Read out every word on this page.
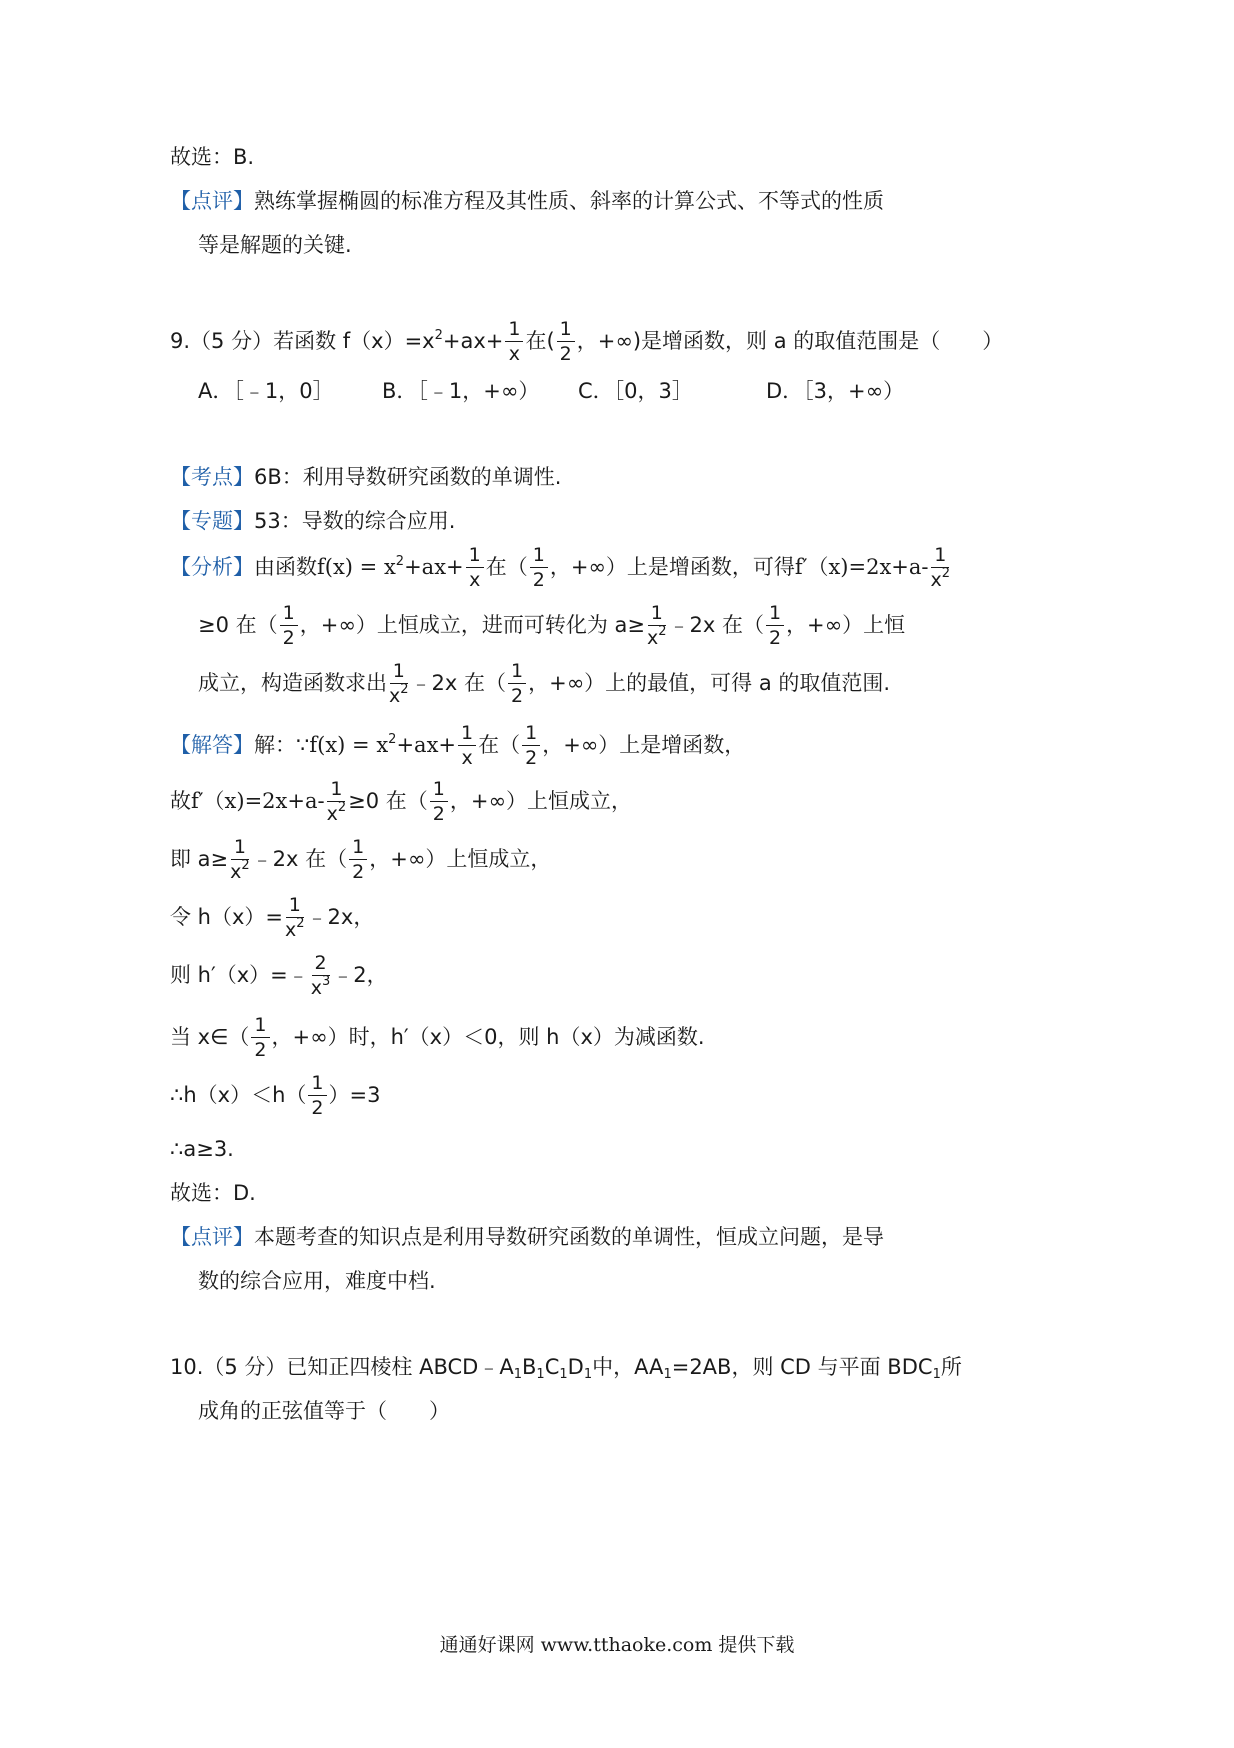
故选：B.
【点评】熟练掌握椭圆的标准方程及其性质、斜率的计算公式、不等式的性质
等是解题的关键.
9.（5 分）若函数 $f(x)=x^2+ax+ \frac{1}{x}$ 在( $\frac{1}{2}$ ，+∞)是增函数，则 a 的取值范围是（　　）
A．［﹣1，0］ B．［﹣1，+∞） C．［0，3］	D．［3，+∞）
【考点】6B：利用导数研究函数的单调性.
【专题】53：导数的综合应用.
【分析】由函数$f(x) = x^2+ax+ \frac{1}{x}$ 在（ $\frac{1}{2}$ ，+∞）上是增函数，可得$f'(x)=2x+a- \frac{1}{x^2}$
≥0 在（ $\frac{1}{2}$ ，+∞）上恒成立，进而可转化为 $a\ge \frac{1}{x^2}$ ﹣2x 在（ $\frac{1}{2}$ ，+∞）上恒
成立，构造函数求出 $\frac{1}{x^2}$ ﹣2x 在（ $\frac{1}{2}$ ，+∞）上的最值，可得 a 的取值范围.
【解答】解：∵f(x) = $x^2+ax+ \frac{1}{x}$ 在（ $\frac{1}{2}$ ，+∞）上是增函数，
故$f'(x)=2x+a- \frac{1}{x^2} \ge 0$ 在（ $\frac{1}{2}$ ，+∞）上恒成立，
即 $a\ge \frac{1}{x^2}$ ﹣2x 在（ $\frac{1}{2}$ ，+∞）上恒成立，
令 $h(x)= \frac{1}{x^2}$ ﹣2x，
则 h′（x）=﹣ $\frac{2}{x^3}$ ﹣2，
当 x∈（ $\frac{1}{2}$ ，+∞）时，h′（x）＜0，则 h（x）为减函数.
∴h（x）＜h（ $\frac{1}{2} )=3$
∴a≥3.
故选：D.
【点评】本题考查的知识点是利用导数研究函数的单调性，恒成立问题，是导
数的综合应用，难度中档.
10.（5 分）已知正四棱柱 $ABCD﹣A_1B_1C_1D_1$中，$AA_1=2AB$，则 CD 与平面 $BDC_1$所
成角的正弦值等于（　　）
通通好课网 www.tthaoke.com 提供下载
